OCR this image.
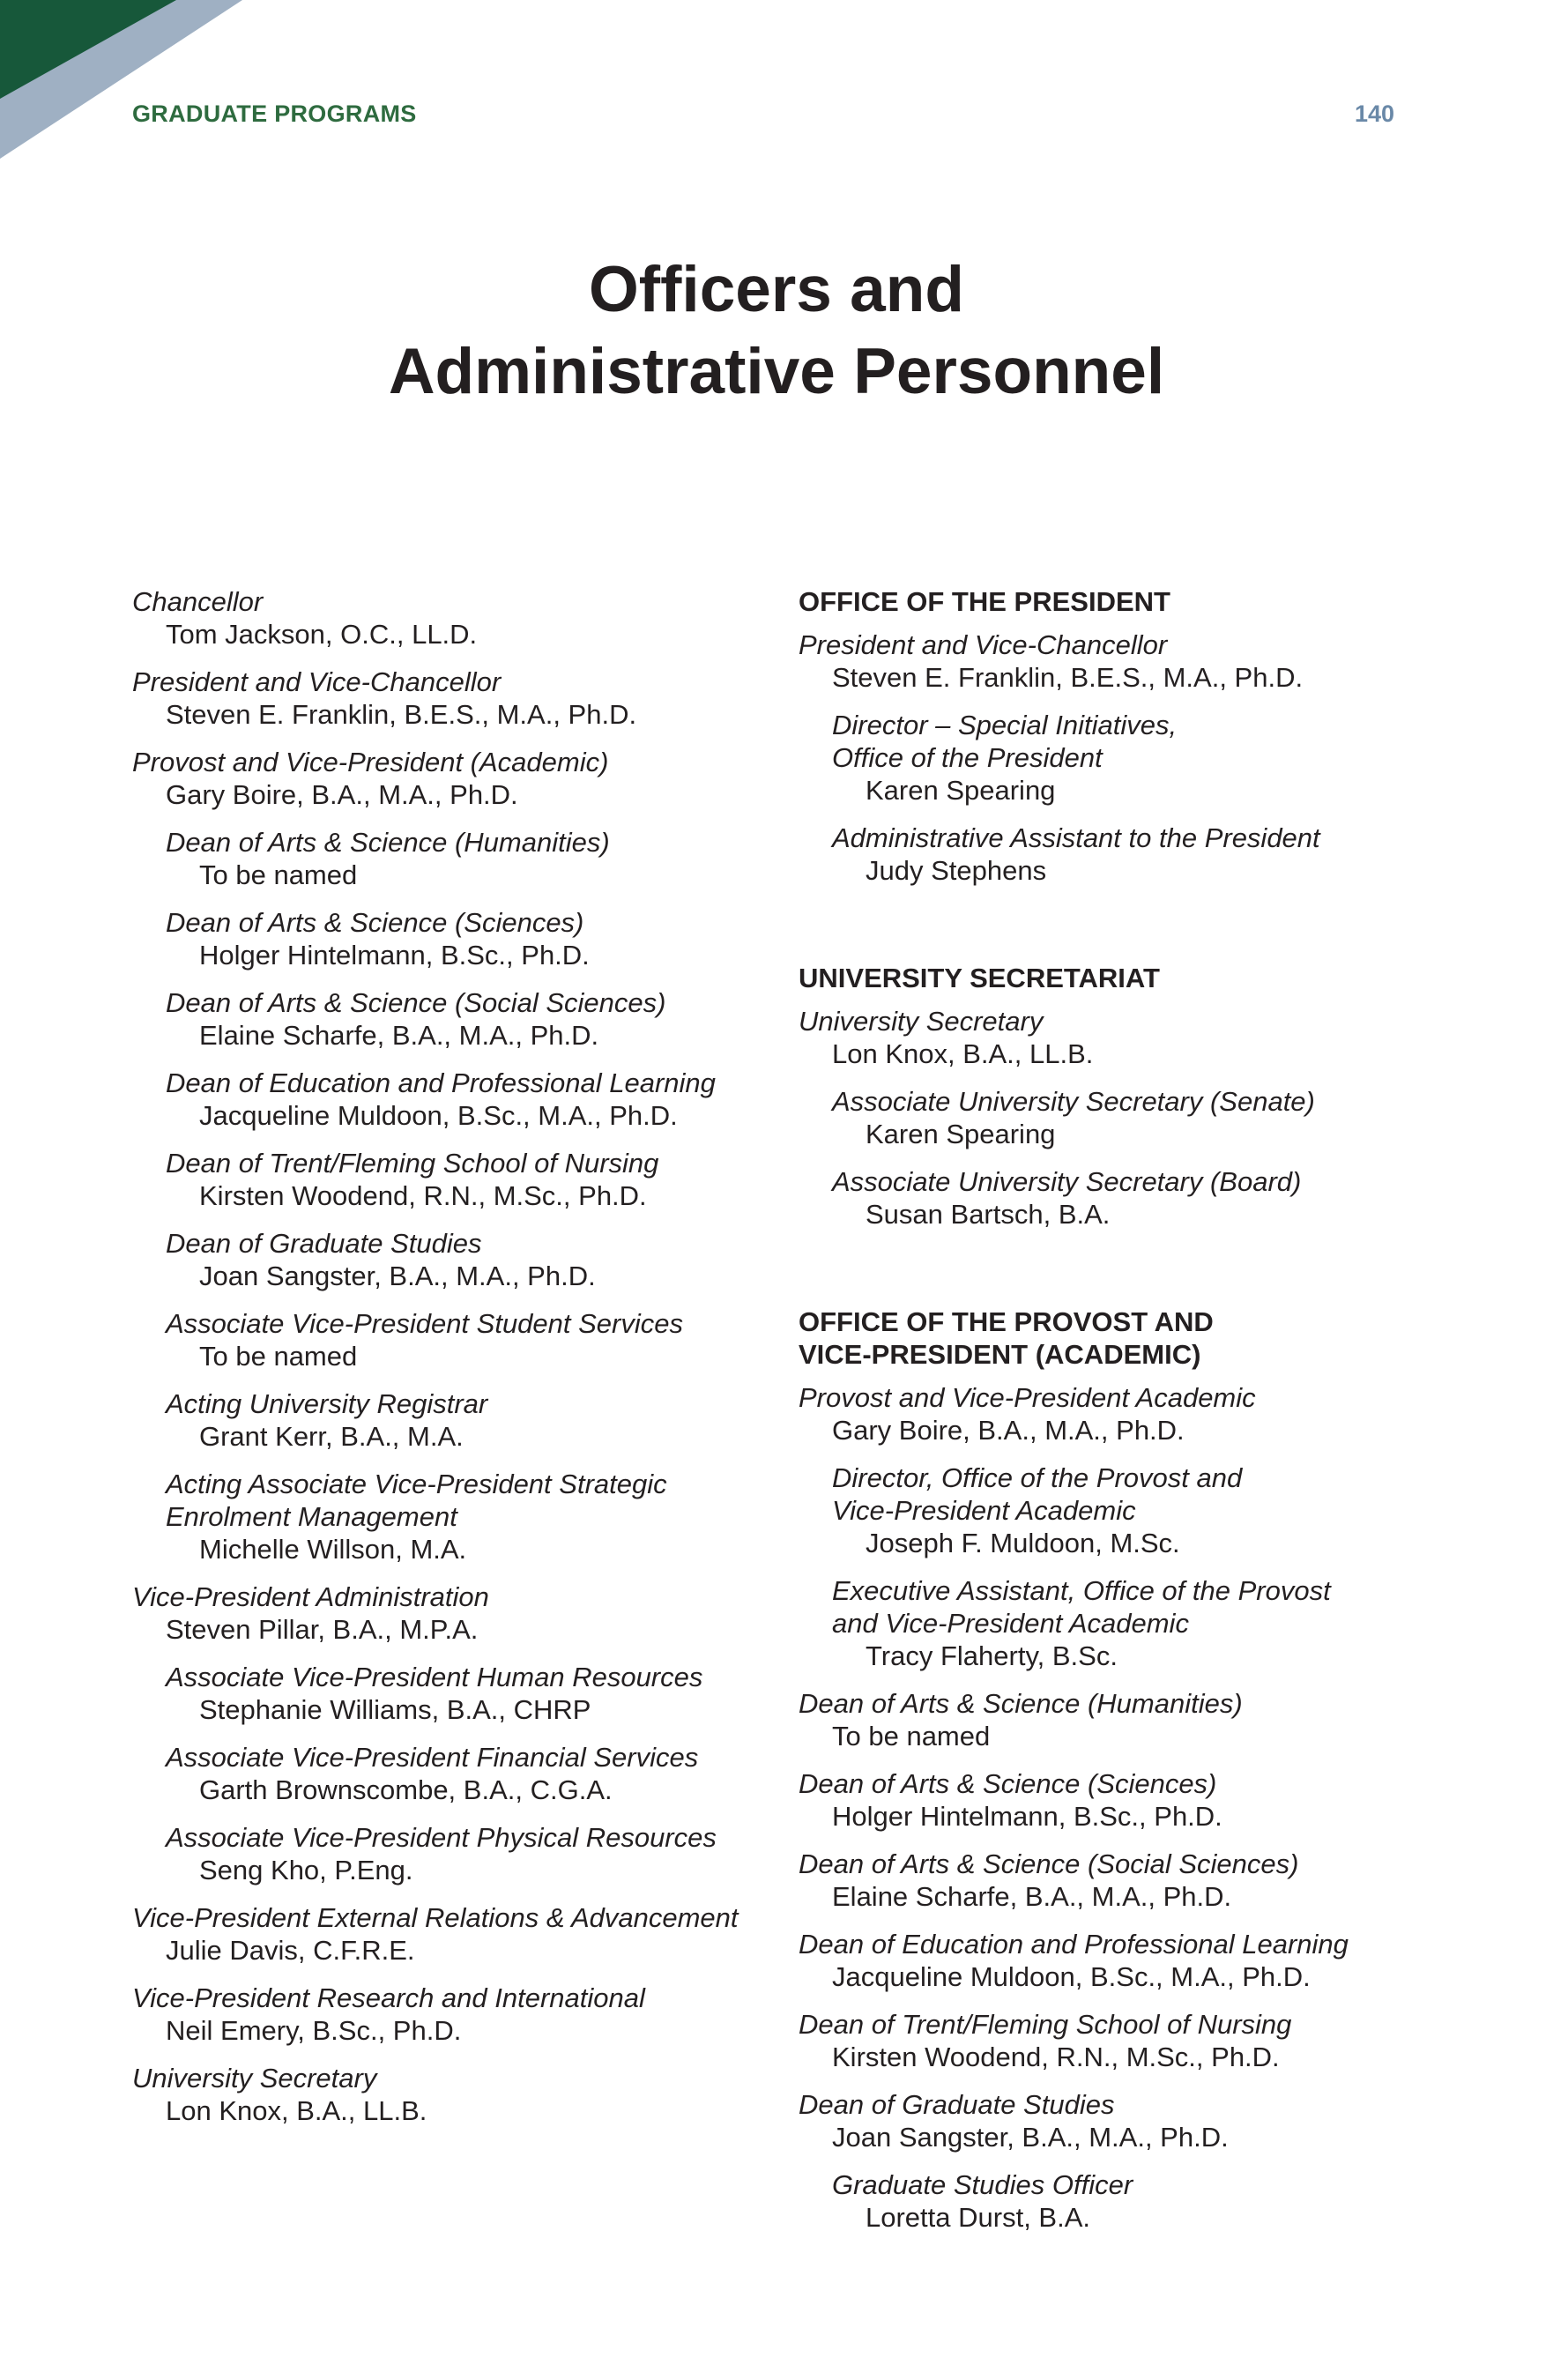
GRADUATE PROGRAMS	140
Officers and
Administrative Personnel
Chancellor
Tom Jackson, O.C., LL.D.
President and Vice-Chancellor
Steven E. Franklin, B.E.S., M.A., Ph.D.
Provost and Vice-President (Academic)
Gary Boire, B.A., M.A., Ph.D.
Dean of Arts & Science (Humanities)
To be named
Dean of Arts & Science (Sciences)
Holger Hintelmann, B.Sc., Ph.D.
Dean of Arts & Science (Social Sciences)
Elaine Scharfe, B.A., M.A., Ph.D.
Dean of Education and Professional Learning
Jacqueline Muldoon, B.Sc., M.A., Ph.D.
Dean of Trent/Fleming School of Nursing
Kirsten Woodend, R.N., M.Sc., Ph.D.
Dean of Graduate Studies
Joan Sangster, B.A., M.A., Ph.D.
Associate Vice-President Student Services
To be named
Acting University Registrar
Grant Kerr, B.A., M.A.
Acting Associate Vice-President Strategic
Enrolment Management
Michelle Willson, M.A.
Vice-President Administration
Steven Pillar, B.A., M.P.A.
Associate Vice-President Human Resources
Stephanie Williams, B.A., CHRP
Associate Vice-President Financial Services
Garth Brownscombe, B.A., C.G.A.
Associate Vice-President Physical Resources
Seng Kho, P.Eng.
Vice-President External Relations & Advancement
Julie Davis, C.F.R.E.
Vice-President Research and International
Neil Emery, B.Sc., Ph.D.
University Secretary
Lon Knox, B.A., LL.B.
OFFICE OF THE PRESIDENT
President and Vice-Chancellor
Steven E. Franklin, B.E.S., M.A., Ph.D.
Director – Special Initiatives,
Office of the President
Karen Spearing
Administrative Assistant to the President
Judy Stephens
UNIVERSITY SECRETARIAT
University Secretary
Lon Knox, B.A., LL.B.
Associate University Secretary (Senate)
Karen Spearing
Associate University Secretary (Board)
Susan Bartsch, B.A.
OFFICE OF THE PROVOST AND
VICE-PRESIDENT (ACADEMIC)
Provost and Vice-President Academic
Gary Boire, B.A., M.A., Ph.D.
Director, Office of the Provost and
Vice-President Academic
Joseph F. Muldoon, M.Sc.
Executive Assistant, Office of the Provost
and Vice-President Academic
Tracy Flaherty, B.Sc.
Dean of Arts & Science (Humanities)
To be named
Dean of Arts & Science (Sciences)
Holger Hintelmann, B.Sc., Ph.D.
Dean of Arts & Science (Social Sciences)
Elaine Scharfe, B.A., M.A., Ph.D.
Dean of Education and Professional Learning
Jacqueline Muldoon, B.Sc., M.A., Ph.D.
Dean of Trent/Fleming School of Nursing
Kirsten Woodend, R.N., M.Sc., Ph.D.
Dean of Graduate Studies
Joan Sangster, B.A., M.A., Ph.D.
Graduate Studies Officer
Loretta Durst, B.A.
